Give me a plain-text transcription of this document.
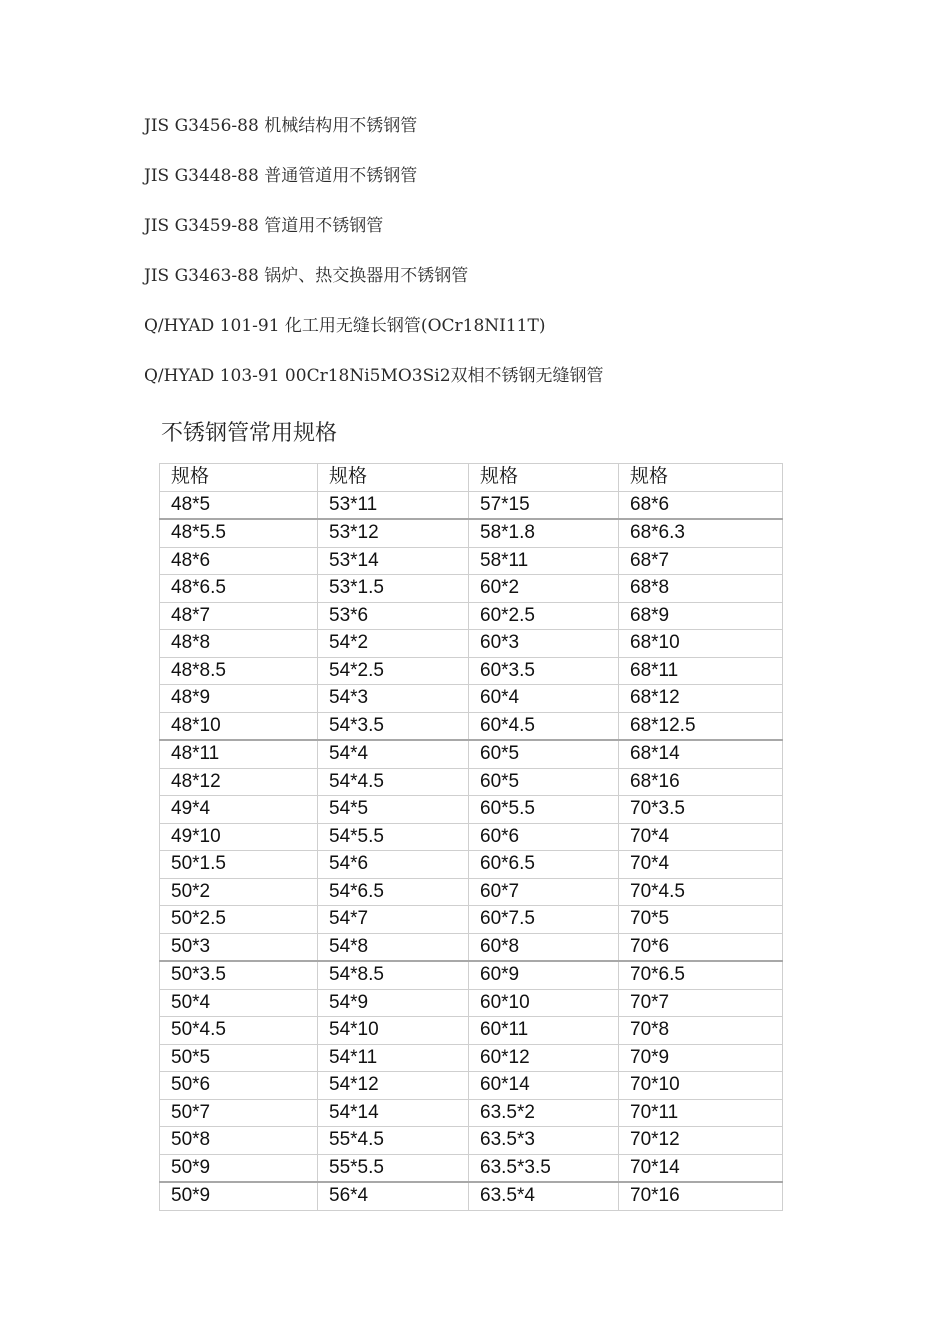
JIS G3456-88 机械结构用不锈钢管
JIS G3448-88 普通管道用不锈钢管
JIS G3459-88 管道用不锈钢管
JIS G3463-88 锅炉、热交换器用不锈钢管
Q/HYAD 101-91 化工用无缝长钢管(OCr18NI11T)
Q/HYAD 103-91 00Cr18Ni5MO3Si2双相不锈钢无缝钢管
不锈钢管常用规格
规格	规格	规格	规格
48*5	53*11	57*15	68*6
48*5.5	53*12	58*1.8	68*6.3
48*6	53*14	58*11	68*7
48*6.5	53*1.5	60*2	68*8
48*7	53*6	60*2.5	68*9
48*8	54*2	60*3	68*10
48*8.5	54*2.5	60*3.5	68*11
48*9	54*3	60*4	68*12
48*10	54*3.5	60*4.5	68*12.5
48*11	54*4	60*5	68*14
48*12	54*4.5	60*5	68*16
49*4	54*5	60*5.5	70*3.5
49*10	54*5.5	60*6	70*4
50*1.5	54*6	60*6.5	70*4
50*2	54*6.5	60*7	70*4.5
50*2.5	54*7	60*7.5	70*5
50*3	54*8	60*8	70*6
50*3.5	54*8.5	60*9	70*6.5
50*4	54*9	60*10	70*7
50*4.5	54*10	60*11	70*8
50*5	54*11	60*12	70*9
50*6	54*12	60*14	70*10
50*7	54*14	63.5*2	70*11
50*8	55*4.5	63.5*3	70*12
50*9	55*5.5	63.5*3.5	70*14
50*9	56*4	63.5*4	70*16
